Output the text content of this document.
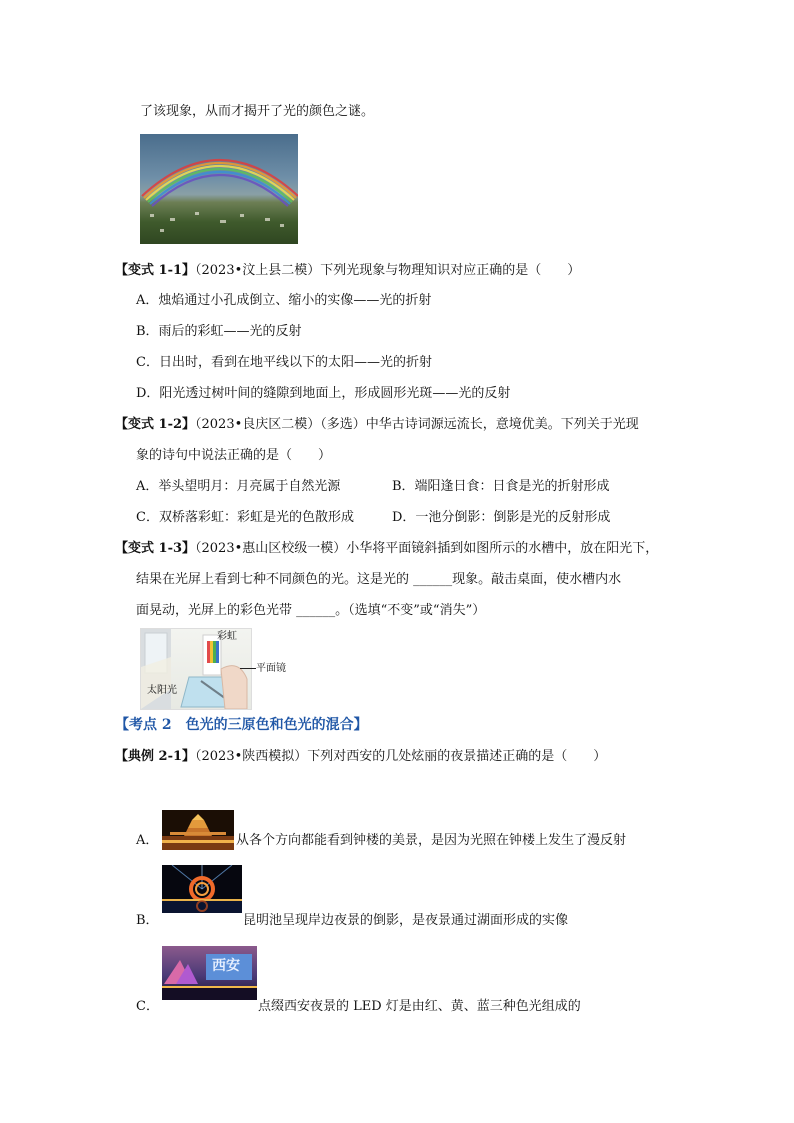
了该现象，从而才揭开了光的颜色之谜。
【变式 1-1】（2023•汶上县二模）下列光现象与物理知识对应正确的是（　　）
A．烛焰通过小孔成倒立、缩小的实像——光的折射
B．雨后的彩虹——光的反射
C．日出时，看到在地平线以下的太阳——光的折射
D．阳光透过树叶间的缝隙到地面上，形成圆形光斑——光的反射
【变式 1-2】（2023•良庆区二模）（多选）中华古诗词源远流长，意境优美。下列关于光现
象的诗句中说法正确的是（　　）
A．举头望明月：月亮属于自然光源	B．端阳逢日食：日食是光的折射形成
C．双桥落彩虹：彩虹是光的色散形成	D．一池分倒影：倒影是光的反射形成
【变式 1-3】（2023•惠山区校级一模）小华将平面镜斜插到如图所示的水槽中，放在阳光下，
结果在光屏上看到七种不同颜色的光。这是光的 ______现象。敲击桌面，使水槽内水
面晃动，光屏上的彩色光带 ______。（选填“不变”或“消失”）
彩虹
太阳光
平面镜
【考点 2　色光的三原色和色光的混合】
【典例 2-1】（2023•陕西模拟）下列对西安的几处炫丽的夜景描述正确的是（　　）
A．	从各个方向都能看到钟楼的美景，是因为光照在钟楼上发生了漫反射
B．	昆明池呈现岸边夜景的倒影，是夜景通过湖面形成的实像
西安
C．	点缀西安夜景的 LED 灯是由红、黄、蓝三种色光组成的
